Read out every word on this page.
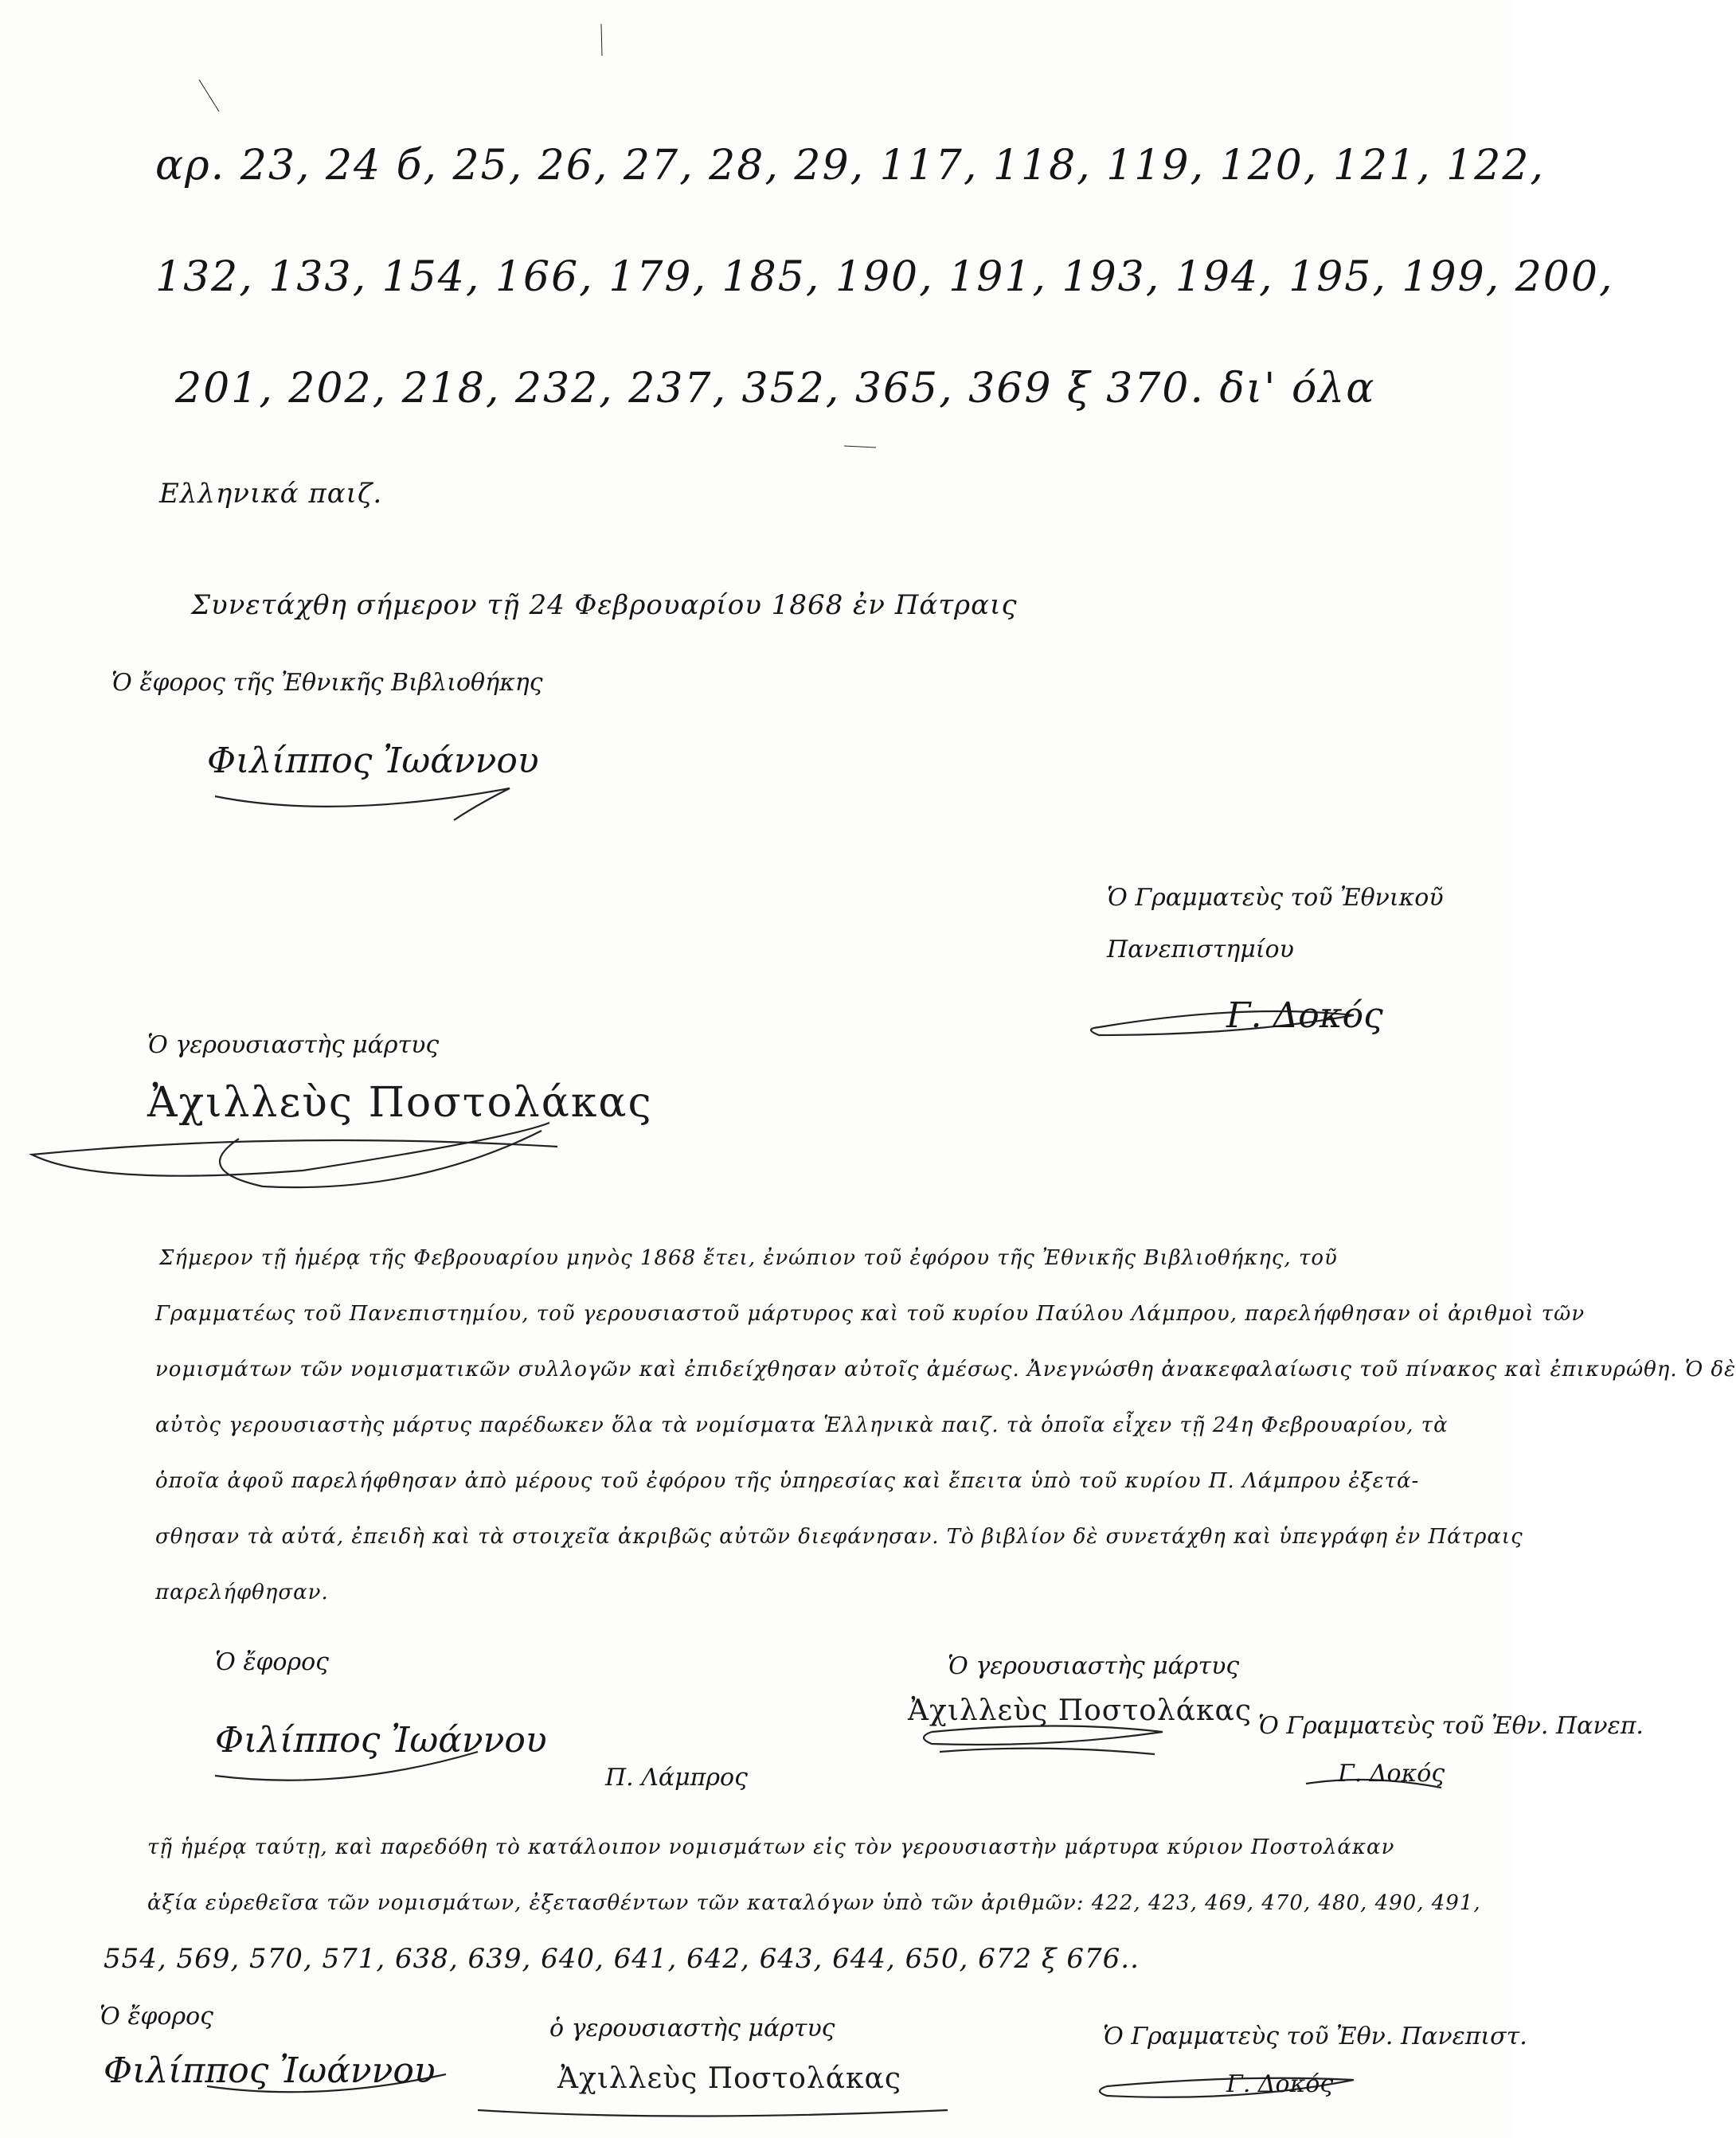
αρ. 23, 24 б, 25, 26, 27, 28, 29, 117, 118, 119, 120, 121, 122,
132, 133, 154, 166, 179, 185, 190, 191, 193, 194, 195, 199, 200,
201, 202, 218, 232, 237, 352, 365, 369 ξ 370. δι' όλα
Ελληνικά παιζ.
Συνετάχθη σήμερον τῇ 24 Φεβρουαρίου 1868 ἐν Πάτραις
Ὁ ἔφορος τῆς Ἐθνικῆς Βιβλιοθήκης
Φιλίππος Ἰωάννου
Ὁ Γραμματεὺς τοῦ Ἐθνικοῦ
Πανεπιστημίου
Γ. Δοκός
Ὁ γερουσιαστὴς μάρτυς
Ἀχιλλεὺς Ποστολάκας
Σήμερον τῇ ἡμέρᾳ τῆς Φεβρουαρίου μηνὸς 1868 ἔτει, ἐνώπιον τοῦ ἐφόρου τῆς Ἐθνικῆς Βιβλιοθήκης, τοῦ
Γραμματέως τοῦ Πανεπιστημίου, τοῦ γερουσιαστοῦ μάρτυρος καὶ τοῦ κυρίου Παύλου Λάμπρου, παρελήφθησαν οἱ ἀριθμοὶ τῶν
νομισμάτων τῶν νομισματικῶν συλλογῶν καὶ ἐπιδείχθησαν αὐτοῖς ἀμέσως. Ἀνεγνώσθη ἀνακεφαλαίωσις τοῦ πίνακος καὶ ἐπικυρώθη. Ὁ δὲ
αὐτὸς γερουσιαστὴς μάρτυς παρέδωκεν ὅλα τὰ νομίσματα Ἑλληνικὰ παιζ. τὰ ὁποῖα εἶχεν τῇ 24η Φεβρουαρίου, τὰ
ὁποῖα ἀφοῦ παρελήφθησαν ἀπὸ μέρους τοῦ ἐφόρου τῆς ὑπηρεσίας καὶ ἔπειτα ὑπὸ τοῦ κυρίου Π. Λάμπρου ἐξετά-
σθησαν τὰ αὐτά, ἐπειδὴ καὶ τὰ στοιχεῖα ἀκριβῶς αὐτῶν διεφάνησαν. Τὸ βιβλίον δὲ συνετάχθη καὶ ὑπεγράφη ἐν Πάτραις
παρελήφθησαν.
Ὁ ἔφορος
Φιλίππος Ἰωάννου
Ὁ γερουσιαστὴς μάρτυς
Ἀχιλλεὺς Ποστολάκας Ὁ Γραμματεὺς τοῦ Ἐθν. Πανεπ.
Γ. Δοκός
Π. Λάμπρος
τῇ ἡμέρᾳ ταύτῃ, καὶ παρεδόθη τὸ κατάλοιπον νομισμάτων εἰς τὸν γερουσιαστὴν μάρτυρα κύριον Ποστολάκαν
ἀξία εὑρεθεῖσα τῶν νομισμάτων, ἐξετασθέντων τῶν καταλόγων ὑπὸ τῶν ἀριθμῶν: 422, 423, 469, 470, 480, 490, 491,
554, 569, 570, 571, 638, 639, 640, 641, 642, 643, 644, 650, 672 ξ 676..
Ὁ ἔφορος
Φιλίππος Ἰωάννου
ὁ γερουσιαστὴς μάρτυς
Ἀχιλλεὺς Ποστολάκας
Ὁ Γραμματεὺς τοῦ Ἐθν. Πανεπιστ.
Γ. Δοκός
